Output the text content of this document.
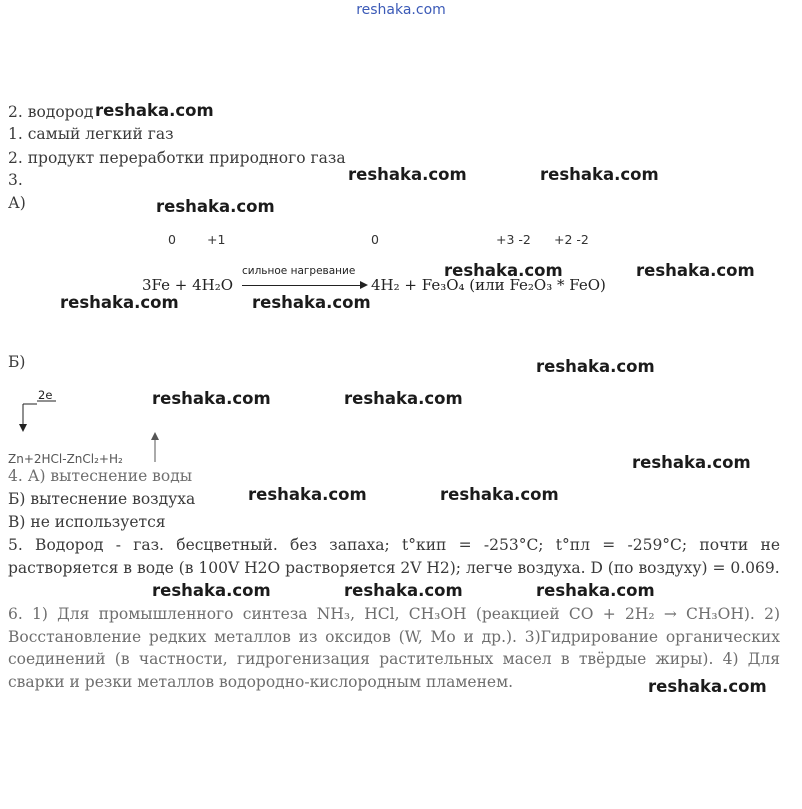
reshaka.com
2. водород
1. самый легкий газ
2. продукт переработки природного газа
3.
А)
0 +1	0	+3 -2 +2 -2
3Fe + 4H₂O
сильное нагревание
4H₂ + Fe₃O₄ (или Fe₂O₃ * FeO)
Б)
2e
Zn+2HCl-ZnCl₂+H₂
4. А) вытеснение воды
Б) вытеснение воздуха
В) не используется
5. Водород - газ. бесцветный. без запаха; t°кип = -253°С; t°пл = -259°С; почти не растворяется в воде (в 100V Н2О растворяется 2V Н2); легче воздуха. D (по воздуху) = 0.069.
6. 1) Для промышленного синтеза NH₃, HCl, CH₃OH (реакцией CO + 2H₂ → CH₃OH). 2) Восстановление редких металлов из оксидов (W, Mo и др.). 3)Гидрирование органических соединений (в частности, гидрогенизация растительных масел в твёрдые жиры). 4) Для сварки и резки металлов водородно-кислородным пламенем.
reshaka.com
reshaka.com	reshaka.com
reshaka.com
reshaka.com	reshaka.com
reshaka.com	reshaka.com
reshaka.com
reshaka.com	reshaka.com
reshaka.com
reshaka.com	reshaka.com
reshaka.com	reshaka.com	reshaka.com
reshaka.com
